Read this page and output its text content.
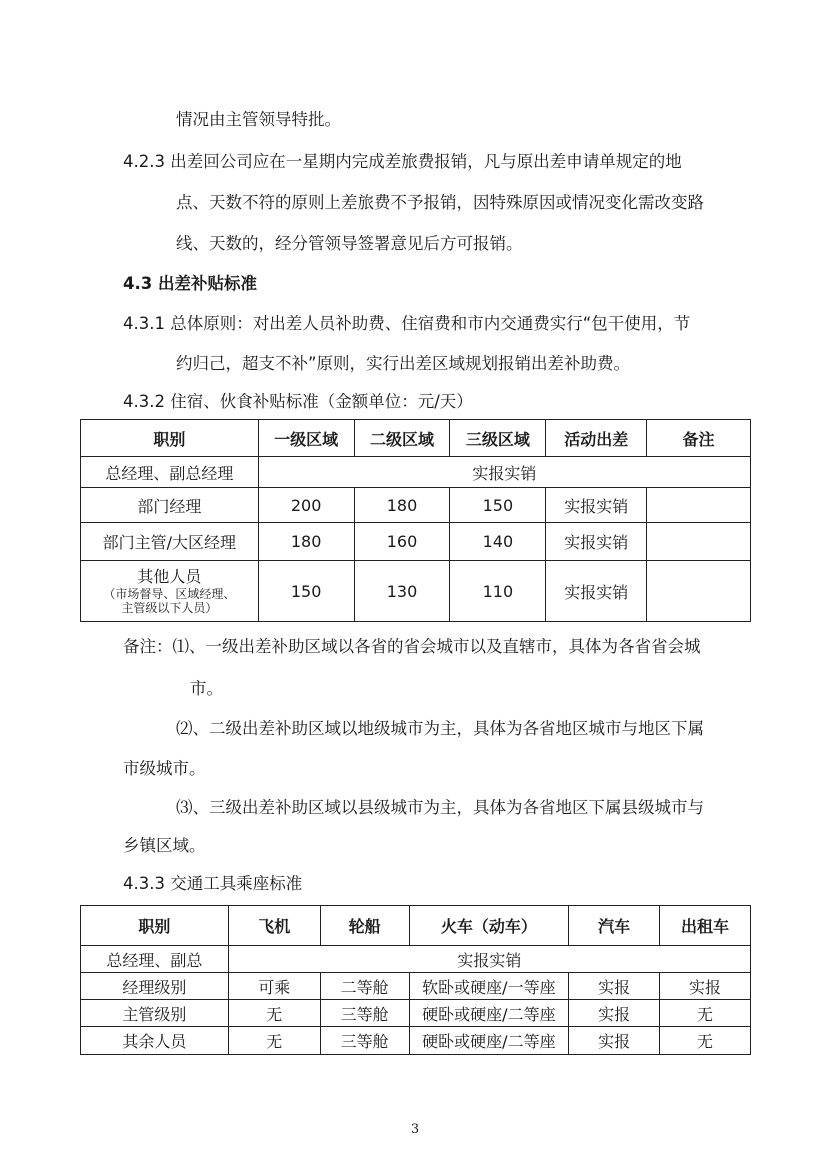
情况由主管领导特批。
4.2.3 出差回公司应在一星期内完成差旅费报销，凡与原出差申请单规定的地
点、天数不符的原则上差旅费不予报销，因特殊原因或情况变化需改变路
线、天数的，经分管领导签署意见后方可报销。
4.3 出差补贴标准
4.3.1 总体原则：对出差人员补助费、住宿费和市内交通费实行“包干使用，节
约归己，超支不补”原则，实行出差区域规划报销出差补助费。
4.3.2 住宿、伙食补贴标准（金额单位：元/天）
职别	一级区域	二级区域	三级区域	活动出差	备注
总经理、副总经理	实报实销				
部门经理	200	180	150	实报实销	
部门主管/大区经理	180	160	140	实报实销	

其他人员
（市场督导、区域经理、
主管级以下人员）	150	130	110	实报实销	
备注：⑴、一级出差补助区域以各省的省会城市以及直辖市，具体为各省省会城
市。
⑵、二级出差补助区域以地级城市为主，具体为各省地区城市与地区下属
市级城市。
⑶、三级出差补助区域以县级城市为主，具体为各省地区下属县级城市与
乡镇区域。
4.3.3 交通工具乘座标准
职别	飞机	轮船	火车（动车）	汽车	出租车
总经理、副总	实报实销				
经理级别	可乘	二等舱	软卧或硬座/一等座	实报	实报
主管级别	无	三等舱	硬卧或硬座/二等座	实报	无
其余人员	无	三等舱	硬卧或硬座/二等座	实报	无
3
